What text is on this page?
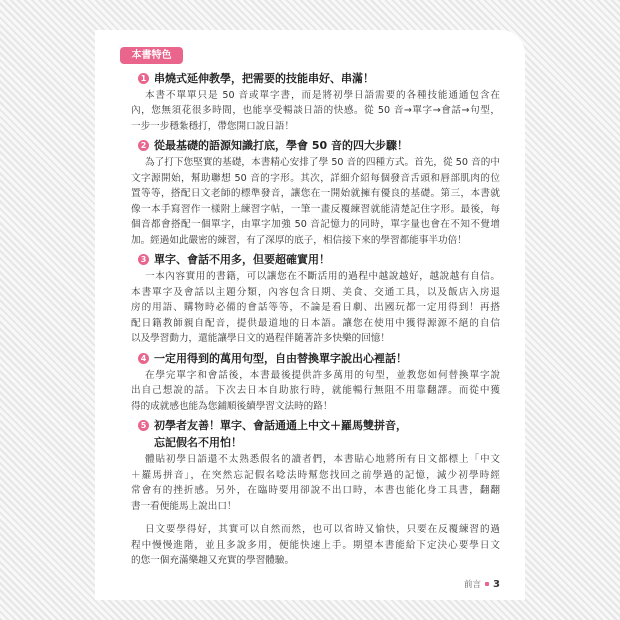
本書特色
1 串燒式延伸教學，把需要的技能串好、串滿！
本書不單單只是 50 音或單字書，而是將初學日語需要的各種技能通通包含在
內，您無須花很多時間，也能享受暢談日語的快感。從 50 音→單字→會話→句型，
一步一步穩紮穩打，帶您開口說日語！
2 從最基礎的語源知識打底，學會 50 音的四大步驟！
為了打下您堅實的基礎，本書精心安排了學 50 音的四種方式。首先，從 50 音的中
文字源開始，幫助聯想 50 音的字形。其次，詳細介紹每個發音舌頭和唇部肌肉的位
置等等，搭配日文老師的標準發音，讓您在一開始就擁有優良的基礎。第三，本書就
像一本手寫習作一樣附上練習字帖，一筆一畫反覆練習就能清楚記住字形。最後，每
個音都會搭配一個單字，由單字加強 50 音記憶力的同時，單字量也會在不知不覺增
加。經過如此嚴密的練習，有了深厚的底子，相信接下來的學習都能事半功倍！
3 單字、會話不用多，但要超確實用！
一本內容實用的書籍，可以讓您在不斷活用的過程中越說越好，越說越有自信。
本書單字及會話以主題分類，內容包含日期、美食、交通工具，以及飯店入房退
房的用語、購物時必備的會話等等，不論是看日劇、出國玩都一定用得到！再搭
配日籍教師親自配音，提供最道地的日本語。讓您在使用中獲得源源不絕的自信
以及學習動力，還能讓學日文的過程伴隨著許多快樂的回憶！
4 一定用得到的萬用句型，自由替換單字說出心裡話！
在學完單字和會話後，本書最後提供許多萬用的句型，並教您如何替換單字說
出自己想說的話。下次去日本自助旅行時，就能暢行無阻不用靠翻譯。而從中獲
得的成就感也能為您鋪順後續學習文法時的路！
5 初學者友善！單字、會話通通上中文＋羅馬雙拼音，
忘記假名不用怕！
體貼初學日語還不太熟悉假名的讀者們，本書貼心地將所有日文都標上「中文
＋羅馬拼音」，在突然忘記假名唸法時幫您找回之前學過的記憶，減少初學時經
常會有的挫折感。另外，在臨時要用卻說不出口時，本書也能化身工具書，翻翻
書一看便能馬上說出口！
日文要學得好，其實可以自然而然，也可以省時又愉快，只要在反覆練習的過
程中慢慢進階，並且多說多用，便能快速上手。期望本書能給下定決心要學日文
的您一個充滿樂趣又充實的學習體驗。
前言 3
